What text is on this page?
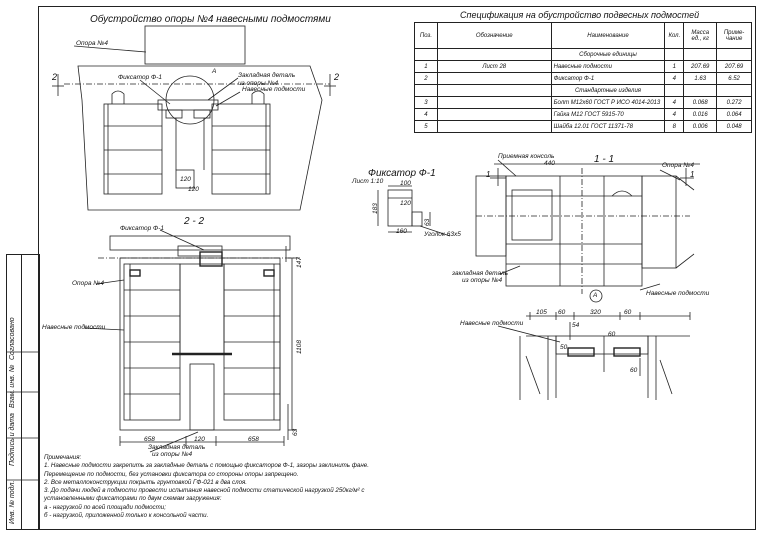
Инв. № подл.
Подпись и дата
Взам. инв. №
Согласовано
Обустройство опоры №4 навесными подмостями
Опора №4
Фиксатор Ф-1
А
Закладная деталь
из опоры №4
Навесные подмости
2	2
120
120
2 - 2
Фиксатор Ф-1
Опора №4
Навесные подмости
Закладная деталь
из опоры №4
658	120	658
147
1108
63
Спецификация на обустройство подвесных подмостей
Поз.	Обозначение	Наименование	Кол.	Масса ед., кг	Приме-чание
		Сборочные единицы			
1	Лист 28	Навесные подмости	1	207.69	207.69
2		Фиксатор Ф-1	4	1.63	6.52
		Стандартные изделия			
3		Болт М12х60 ГОСТ Р ИСО 4014-2013	4	0.068	0.272
4		Гайка М12 ГОСТ 5915-70	4	0.016	0.064
5		Шайба 12.01 ГОСТ 11371-78	8	0.006	0.048
Фиксатор Ф-1
Лист 1:10	100
183	120
160
63
Уголок 63х5
1 - 1
Приемная консоль
440	Опора №4
1	1
закладная деталь
из опоры №4
Навесные подмости
А
105 60	320	60
60
54
50
60
Навесные подмости
Примечания:
1. Навесные подмости закрепить за закладные деталь с помощью фиксаторов Ф-1, зазоры заклинить фане.
Перемещение по подмости, без установки фиксатора со стороны опоры запрещено.
2. Все металлоконструкции покрыть грунтовкой ГФ-021 в два слоя.
3. До подачи людей в подмости провести испытания навесной подмости статической нагрузкой 250кг/м² с
установленными фиксаторами по двум схемам загружения:
а - нагрузкой по всей площади подмости;
б - нагрузкой, приложенной только к консольной части.
